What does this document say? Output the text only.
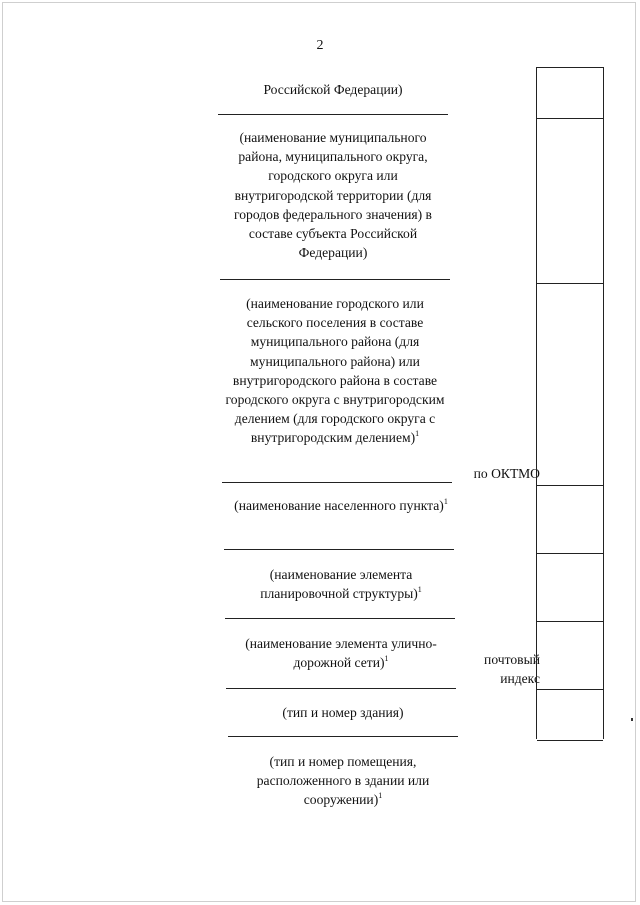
2
Российской Федерации)
(наименование муниципального района, муниципального округа, городского округа или внутригородской территории (для городов федерального значения) в составе субъекта Российской Федерации)
(наименование городского или сельского поселения в составе муниципального района (для муниципального района) или внутригородского района в составе городского округа с внутригородским делением (для городского округа с внутригородским делением)$^1$
(наименование населенного пункта)$^1$
(наименование элемента планировочной структуры)$^1$
(наименование элемента улично-дорожной сети)$^1$
(тип и номер здания)
(тип и номер помещения, расположенного в здании или сооружении)$^1$
по ОКТМО
почтовый
индекс
